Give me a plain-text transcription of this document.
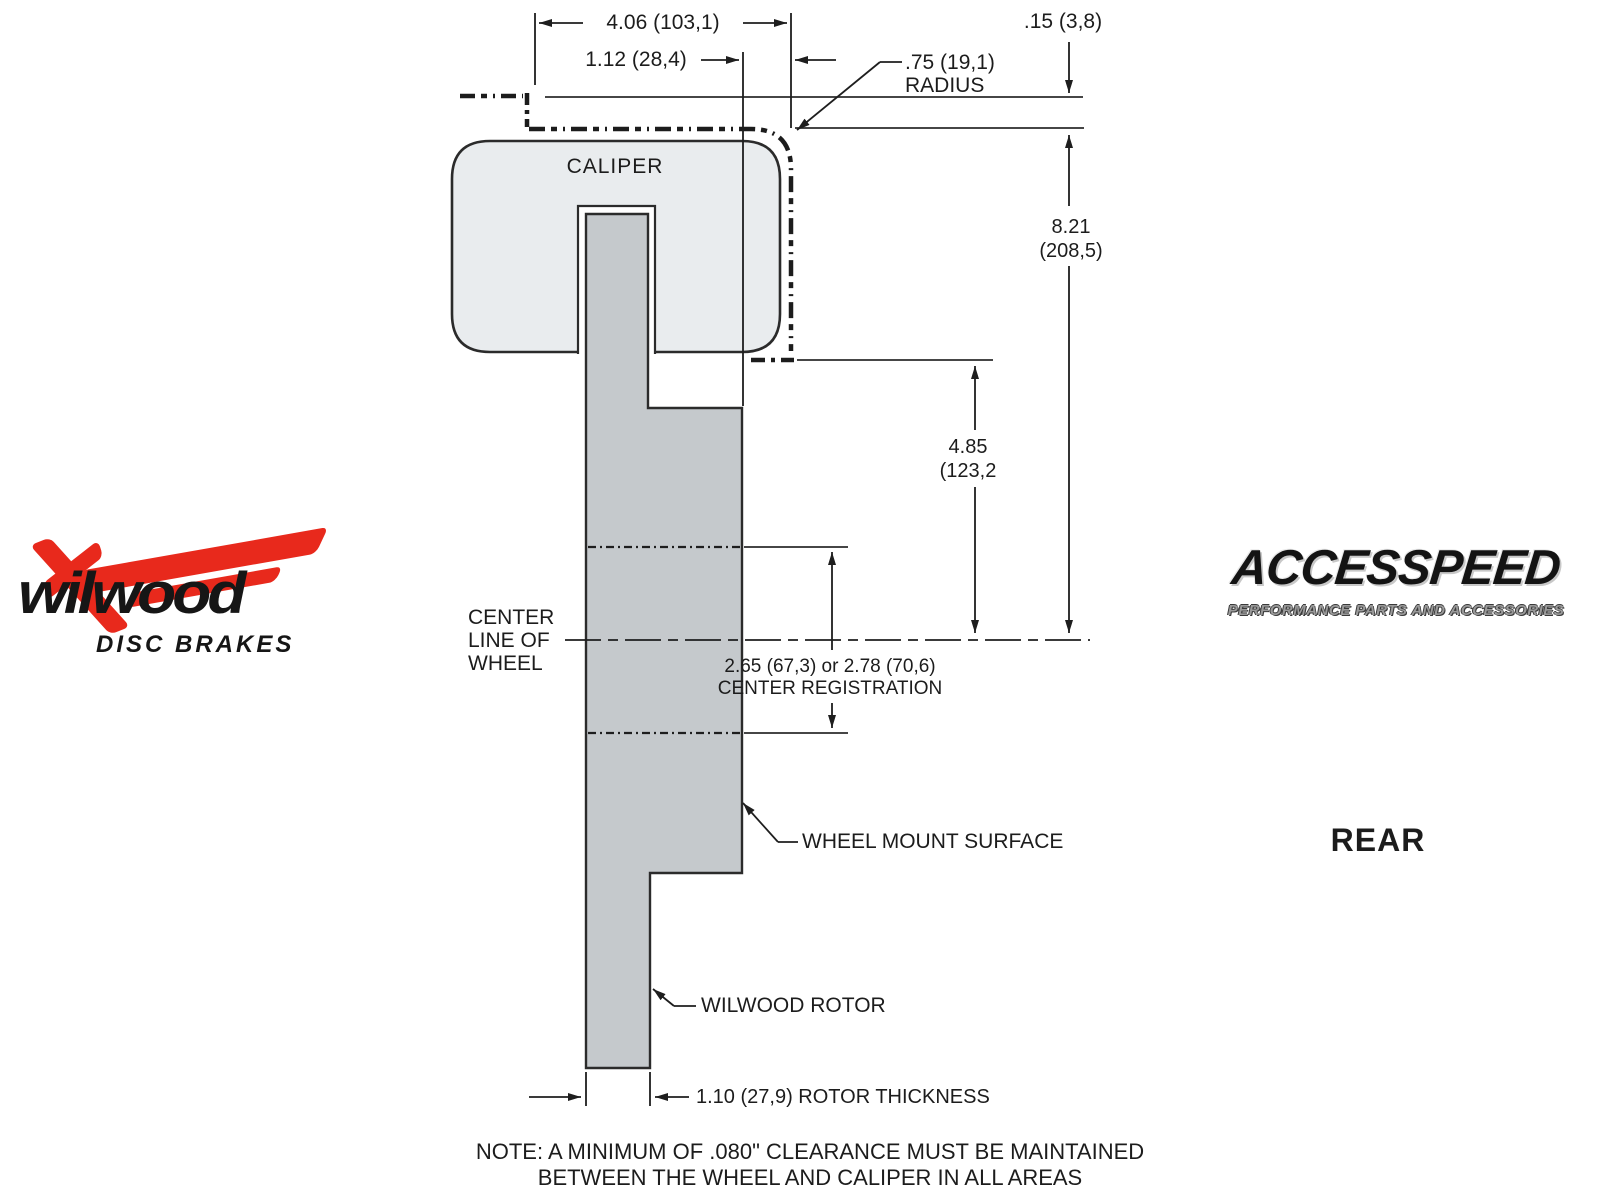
4.06 (103,1)
1.12 (28,4)
.15 (3,8)
.75 (19,1)
RADIUS
CALIPER
8.21
(208,5)
4.85
(123,2
CENTER
LINE OF
WHEEL	2.65 (67,3) or 2.78 (70,6)
CENTER REGISTRATION
WHEEL MOUNT SURFACE
WILWOOD ROTOR
1.10 (27,9) ROTOR THICKNESS
NOTE: A MINIMUM OF .080" CLEARANCE MUST BE MAINTAINED
BETWEEN THE WHEEL AND CALIPER IN ALL AREAS
REAR
wilwood
DISC BRAKES
ACCESSPEED
PERFORMANCE PARTS AND ACCESSORIES
